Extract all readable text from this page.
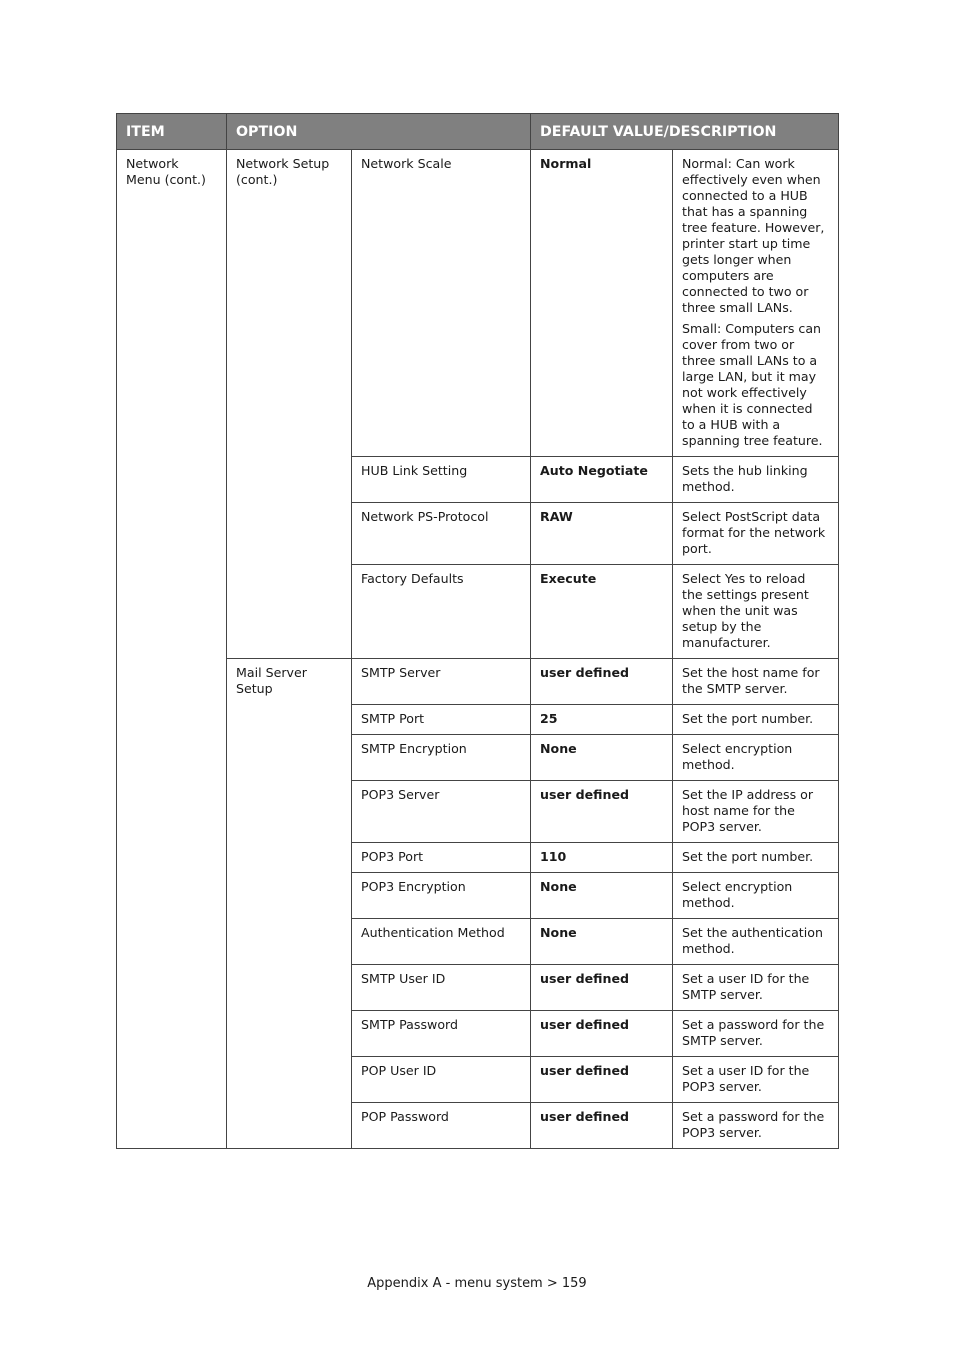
ITEM	OPTION		DEFAULT VALUE/DESCRIPTION	
Network Menu (cont.)	Network Setup (cont.)	Network Scale	Normal	Normal: Can work effectively even when connected to a HUB that has a spanning tree feature. However, printer start up time gets longer when computers are connected to two or three small LANs.
Small: Computers can cover from two or three small LANs to a large LAN, but it may not work effectively when it is connected to a HUB with a spanning tree feature.

		HUB Link Setting	Auto Negotiate	Sets the hub linking method.

		Network PS-Protocol	RAW	Select PostScript data format for the network port.

		Factory Defaults	Execute	Select Yes to reload the settings present when the unit was setup by the manufacturer.

	Mail Server Setup	SMTP Server	user defined	Set the host name for the SMTP server.

		SMTP Port	25	Set the port number.

		SMTP Encryption	None	Select encryption method.

		POP3 Server	user defined	Set the IP address or host name for the POP3 server.

		POP3 Port	110	Set the port number.

		POP3 Encryption	None	Select encryption method.

		Authentication Method	None	Set the authentication method.

		SMTP User ID	user defined	Set a user ID for the SMTP server.

		SMTP Password	user defined	Set a password for the SMTP server.

		POP User ID	user defined	Set a user ID for the POP3 server.

		POP Password	user defined	Set a password for the POP3 server.
Appendix A - menu system > 159
